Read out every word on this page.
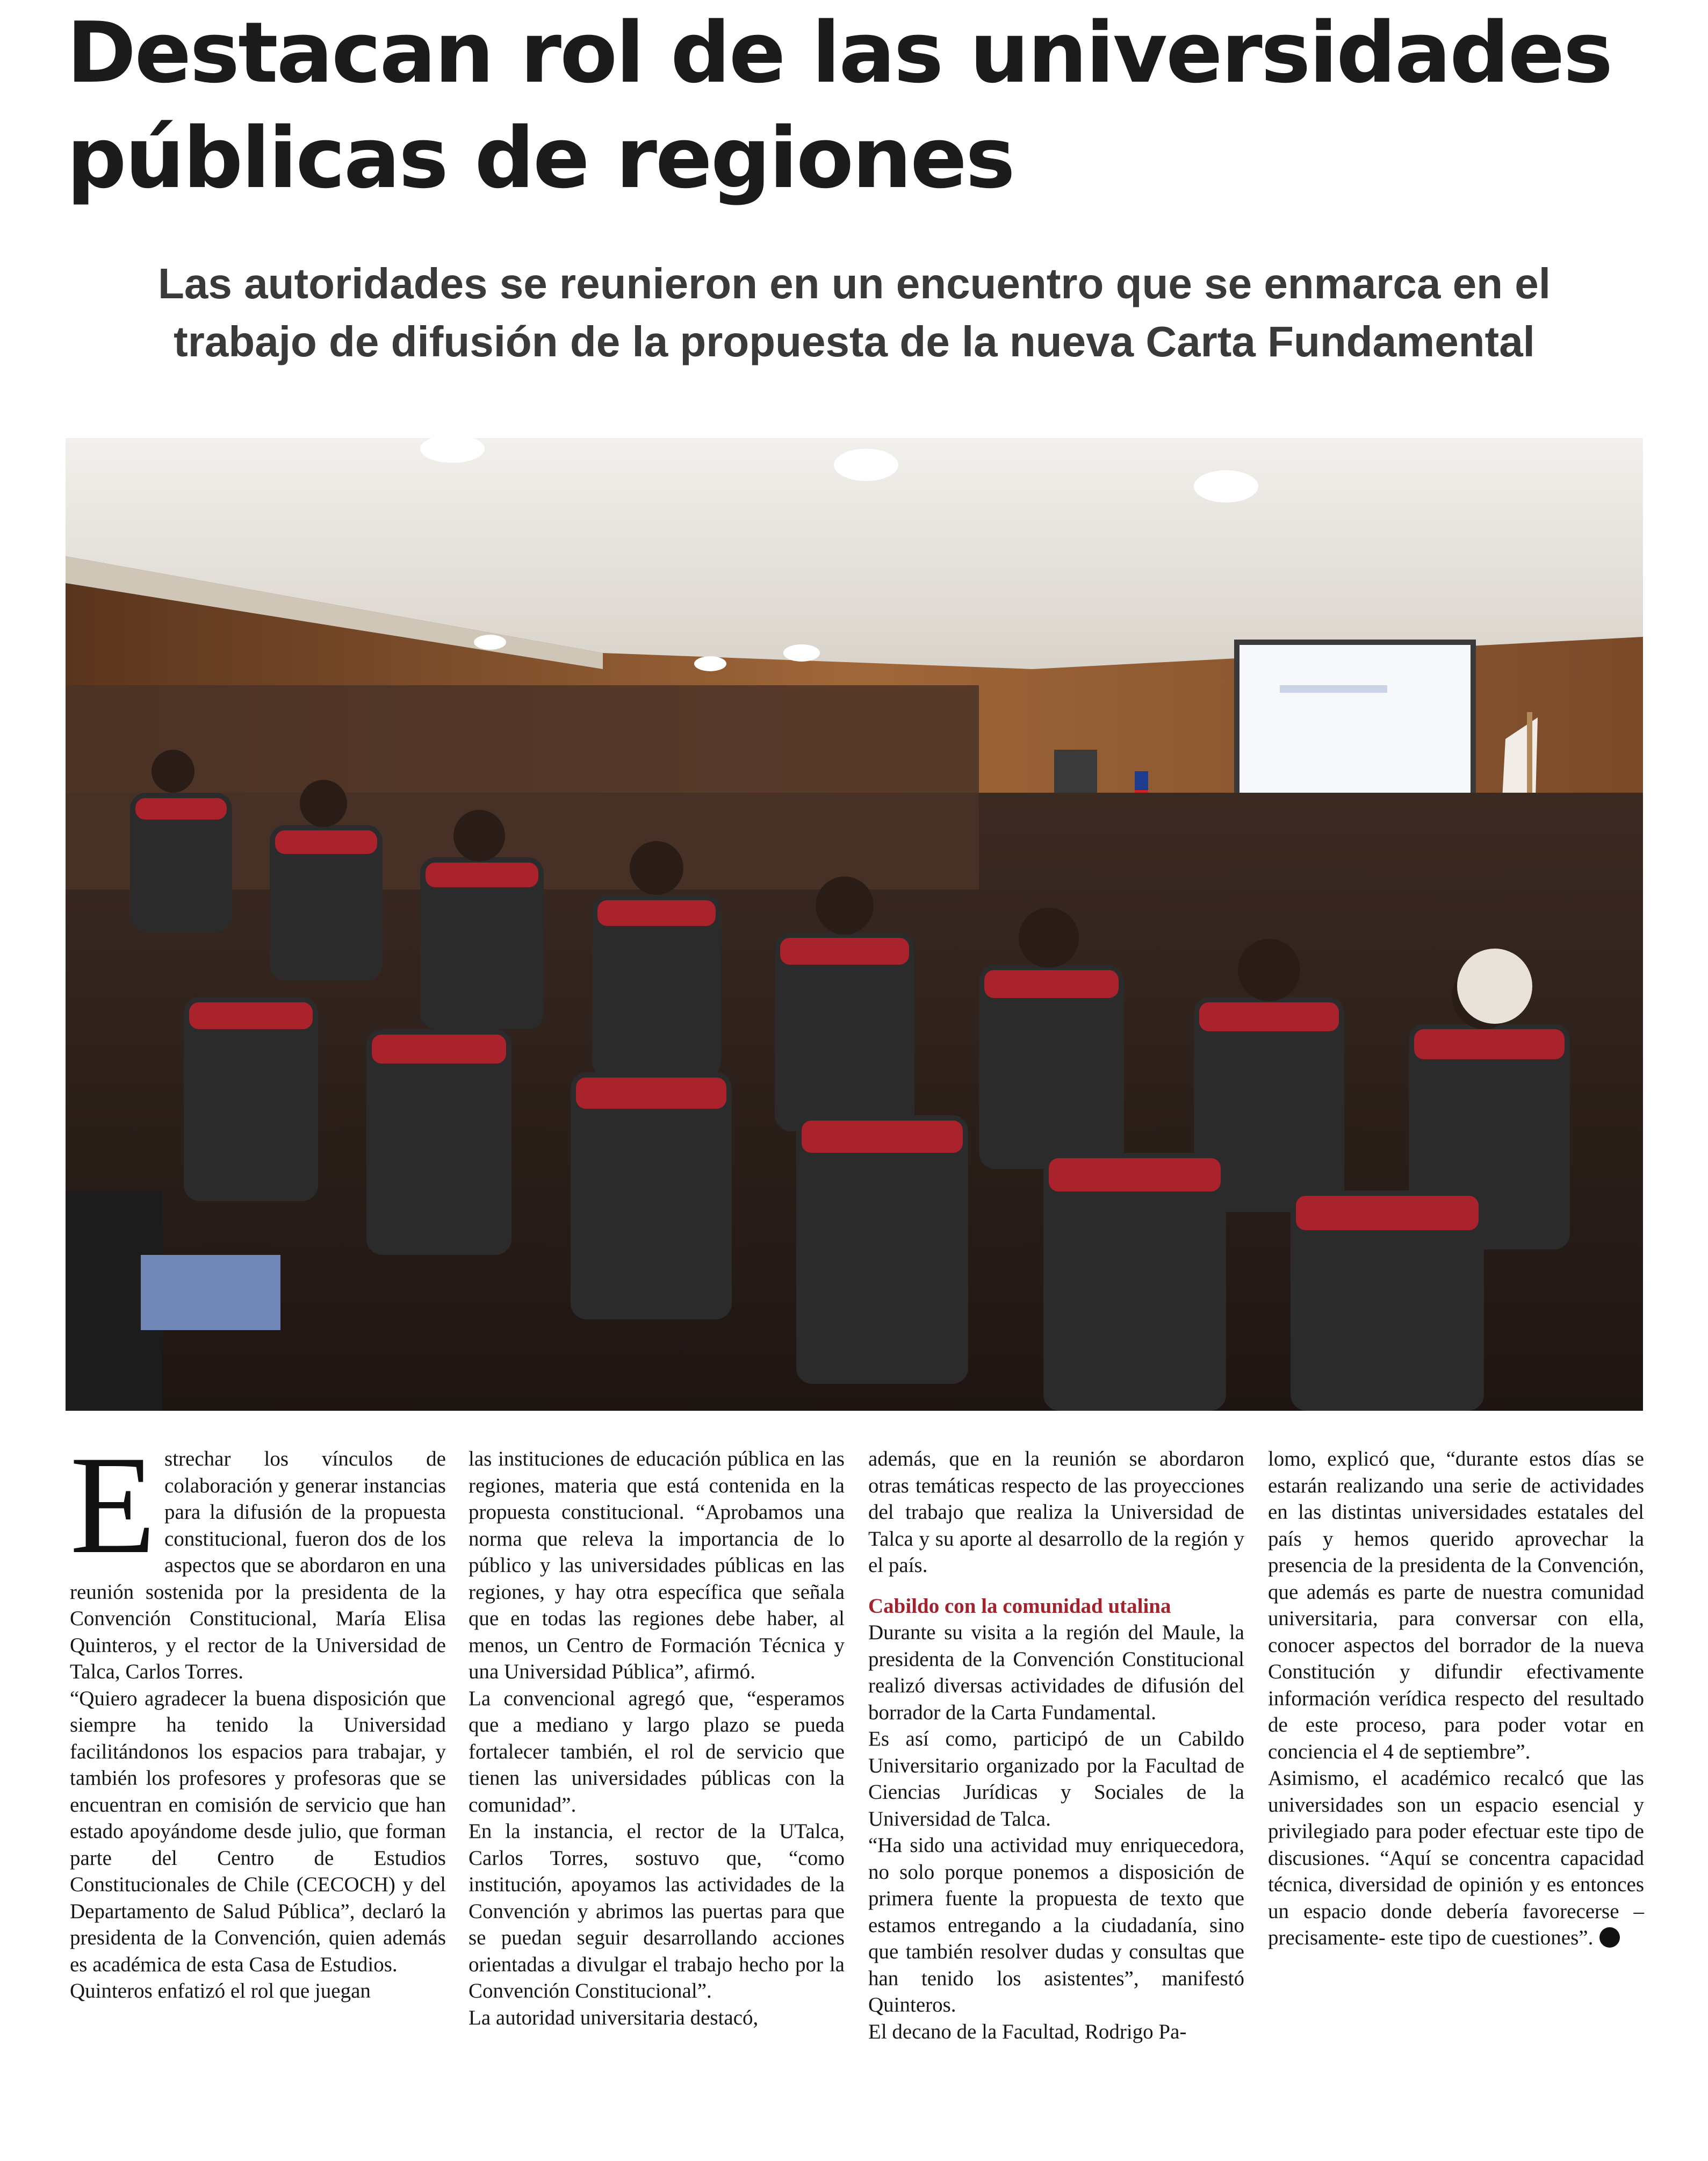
Destacan rol de las universidades
públicas de regiones
Las autoridades se reunieron en un encuentro que se enmarca en el
trabajo de difusión de la propuesta de la nueva Carta Fundamental

Estrechar los vínculos de colaboración y generar instancias para la difusión de la propuesta constitucional, fueron dos de los aspectos que se abordaron en una reunión sostenida por la presidenta de la Convención Constitucional, María Elisa Quinteros, y el rector de la Universidad de Talca, Carlos Torres.

“Quiero agradecer la buena disposición que siempre ha tenido la Universidad facilitándonos los espacios para trabajar, y también los profesores y profesoras que se encuentran en comisión de servicio que han estado apoyándome desde julio, que forman parte del Centro de Estudios Constitucionales de Chile (CECOCH) y del Departamento de Salud Pública”, declaró la presidenta de la Convención, quien además es académica de esta Casa de Estudios.

Quinteros enfatizó el rol que juegan

las instituciones de educación pública en las regiones, materia que está contenida en la propuesta constitucional. “Aprobamos una norma que releva la importancia de lo público y las universidades públicas en las regiones, y hay otra específica que señala que en todas las regiones debe haber, al menos, un Centro de Formación Técnica y una Universidad Pública”, afirmó.

La convencional agregó que, “esperamos que a mediano y largo plazo se pueda fortalecer también, el rol de servicio que tienen las universidades públicas con la comunidad”.

En la instancia, el rector de la UTalca, Carlos Torres, sostuvo que, “como institución, apoyamos las actividades de la Convención y abrimos las puertas para que se puedan seguir desarrollando acciones orientadas a divulgar el trabajo hecho por la Convención Constitucional”.

La autoridad universitaria destacó,

además, que en la reunión se abordaron otras temáticas respecto de las proyecciones del trabajo que realiza la Universidad de Talca y su aporte al desarrollo de la región y el país.

Cabildo con la comunidad utalina

Durante su visita a la región del Maule, la presidenta de la Convención Constitucional realizó diversas actividades de difusión del borrador de la Carta Fundamental.

Es así como, participó de un Cabildo Universitario organizado por la Facultad de Ciencias Jurídicas y Sociales de la Universidad de Talca.

“Ha sido una actividad muy enriquecedora, no solo porque ponemos a disposición de primera fuente la propuesta de texto que estamos entregando a la ciudadanía, sino que también resolver dudas y consultas que han tenido los asistentes”, manifestó Quinteros.

El decano de la Facultad, Rodrigo Pa-

lomo, explicó que, “durante estos días se estarán realizando una serie de actividades en las distintas universidades estatales del país y hemos querido aprovechar la presencia de la presidenta de la Convención, que además es parte de nuestra comunidad universitaria, para conversar con ella, conocer aspectos del borrador de la nueva Constitución y difundir efectivamente información verídica respecto del resultado de este proceso, para poder votar en conciencia el 4 de septiembre”.

Asimismo, el académico recalcó que las universidades son un espacio esencial y privilegiado para poder efectuar este tipo de discusiones. “Aquí se concentra capacidad técnica, diversidad de opinión y es entonces un espacio donde debería favorecerse –precisamente- este tipo de cuestiones”.
